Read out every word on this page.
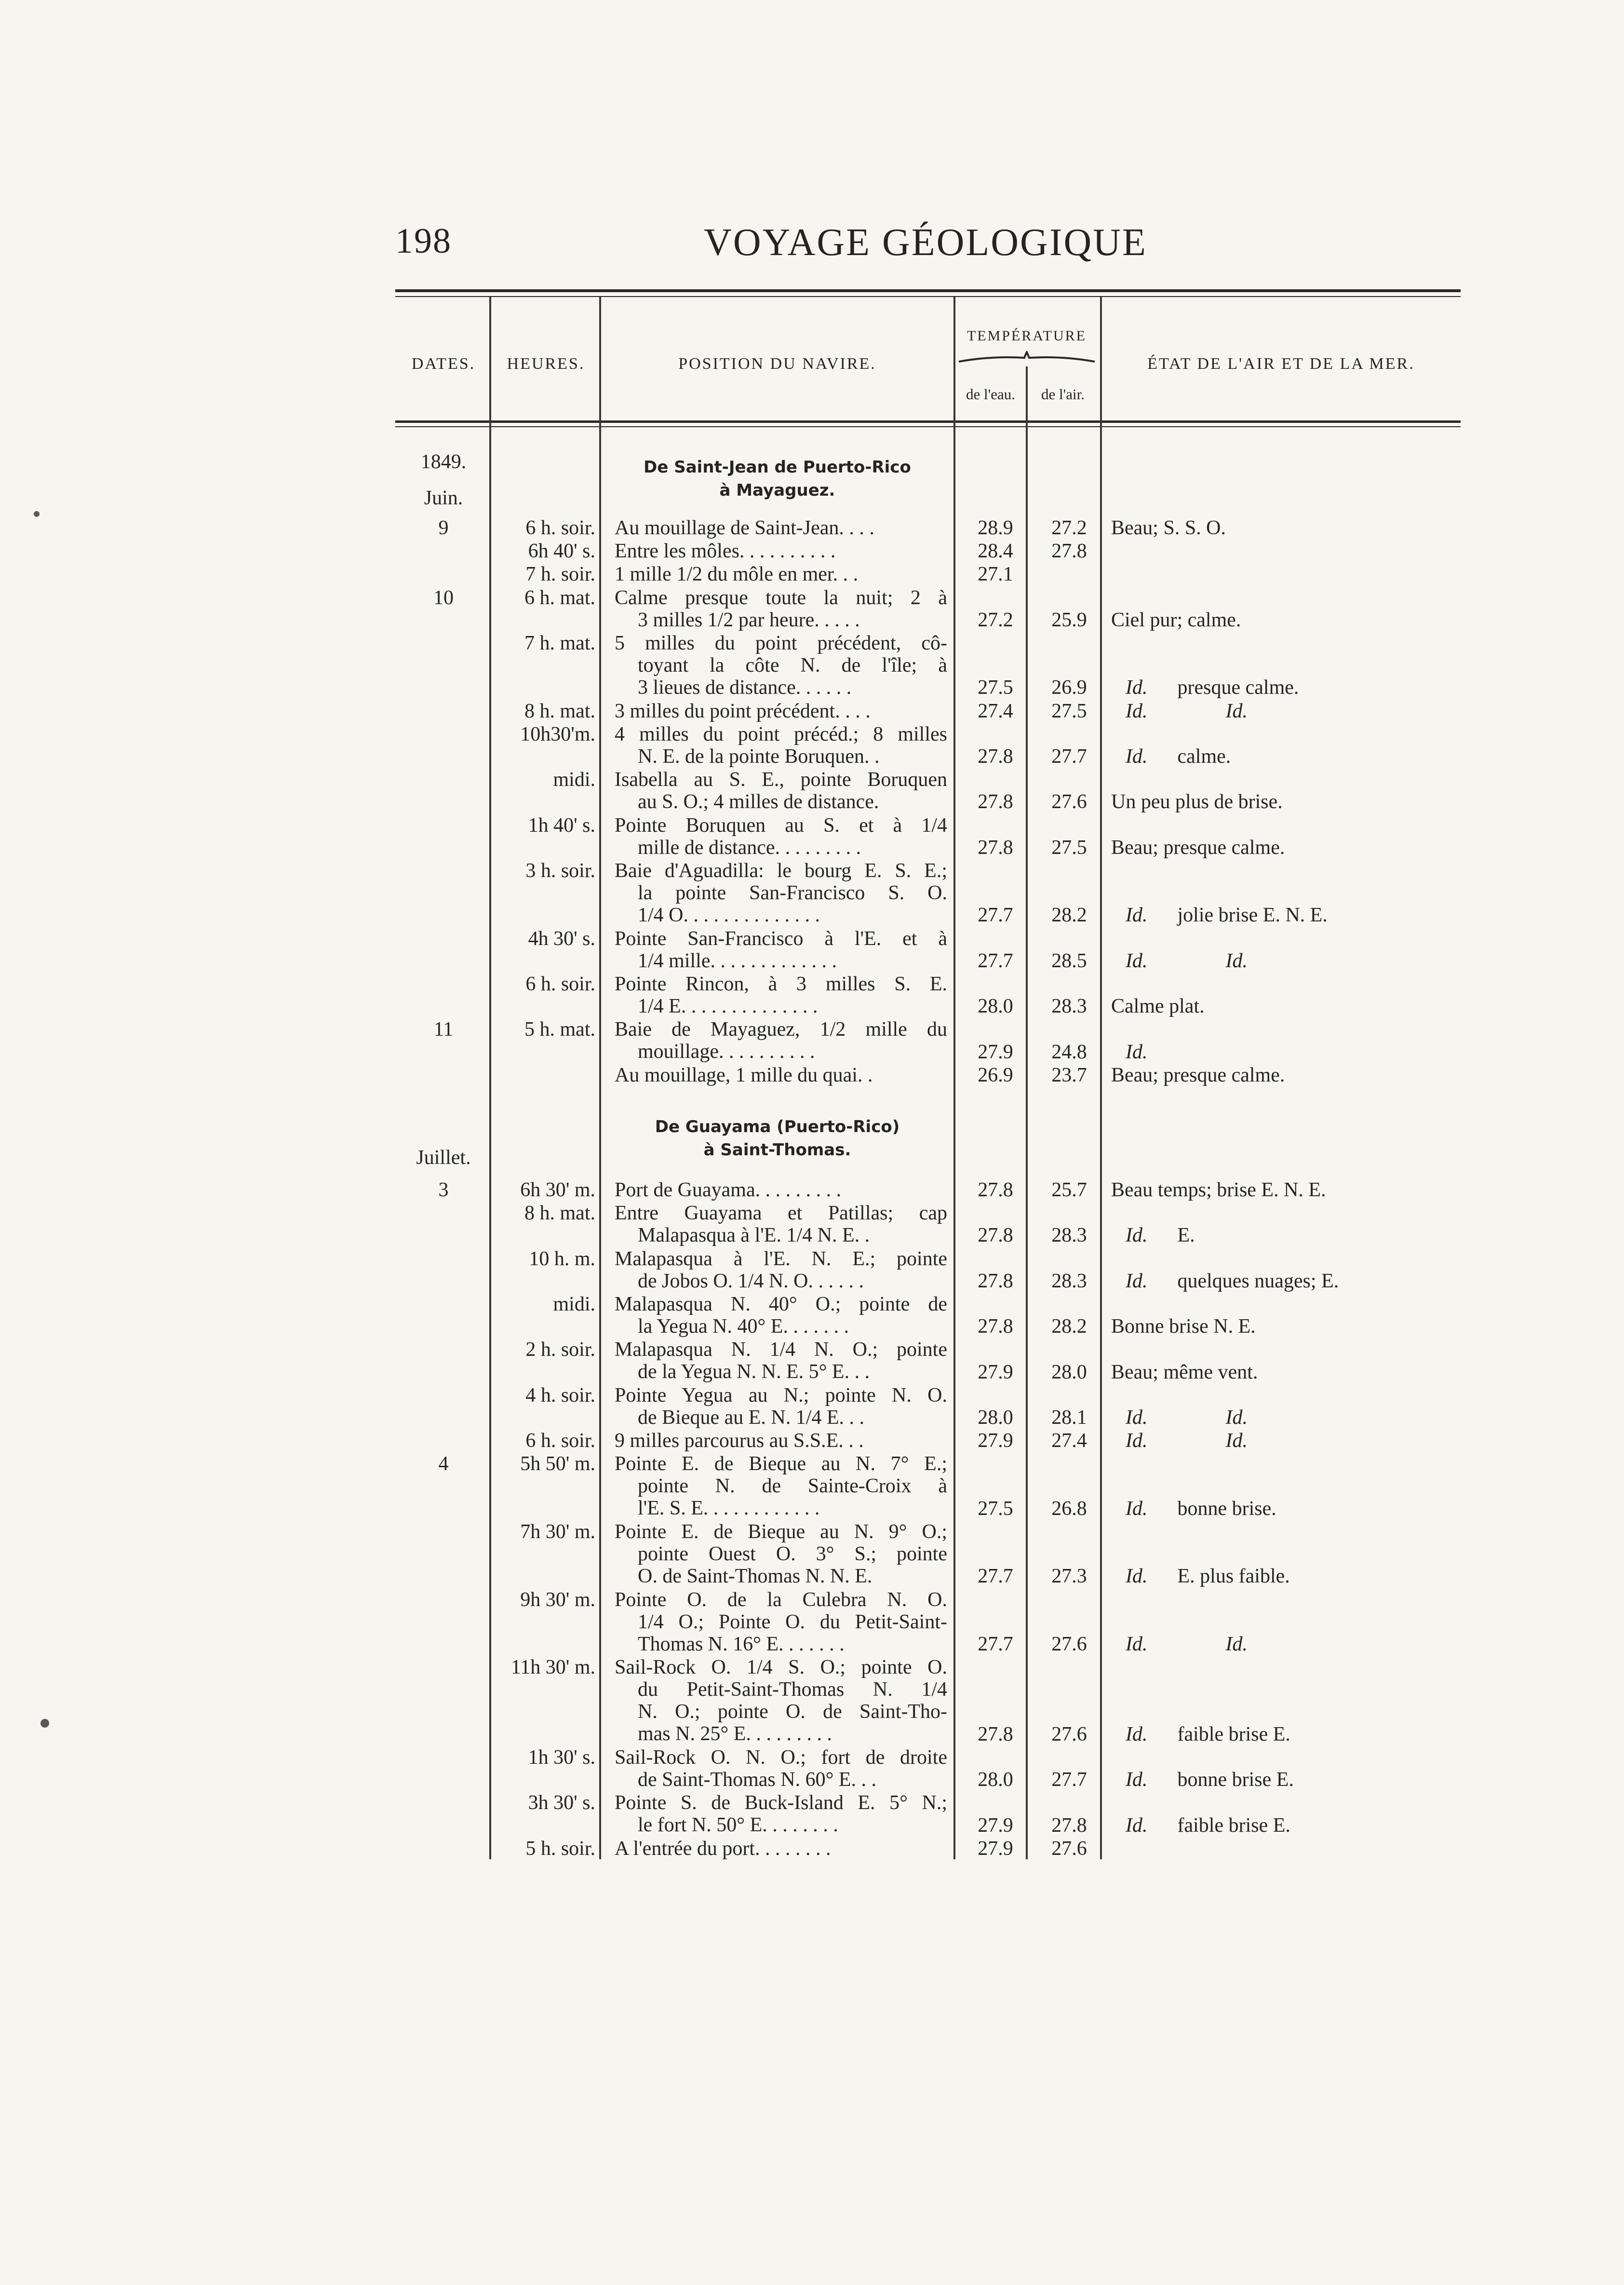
198	VOYAGE GÉOLOGIQUE
DATES.	HEURES.	POSITION DU NAVIRE.
TEMPÉRATURE
de l'eau.	de l'air.
ÉTAT DE L'AIR ET DE LA MER.
De Saint-Jean de Puerto-Rico
à Mayaguez.
1849.
Juin.
9	6 h. soir. Au mouillage de Saint-Jean. . . .	28.9	27.2	Beau; S. S. O.
6h 40' s. Entre les môles. . . . . . . . . .	28.4	27.8
7 h. soir. 1 mille 1/2 du môle en mer. . .	27.1
10	6 h. mat. Calme presque toute la nuit; 2 à
3 milles 1/2 par heure. . . . .	27.2	25.9	Ciel pur; calme.
7 h. mat. 5 milles du point précédent, cô-
toyant la côte N. de l'île; à
3 lieues de distance. . . . . .	27.5	26.9	Id.  presque calme.
8 h. mat. 3 milles du point précédent. . . .	27.4	27.5	Id. 	Id.
10h30'm. 4 milles du point précéd.; 8 milles
N. E. de la pointe Boruquen. .	27.8	27.7	Id.  calme.
midi. Isabella au S. E., pointe Boruquen
au S. O.; 4 milles de distance.	27.8	27.6	Un peu plus de brise.
1h 40' s. Pointe Boruquen au S. et à 1/4
mille de distance. . . . . . . . .	27.8	27.5	Beau; presque calme.
3 h. soir. Baie d'Aguadilla: le bourg E. S. E.;
la pointe San-Francisco S. O.
1/4 O. . . . . . . . . . . . . .	27.7	28.2	Id.  jolie brise E. N. E.
4h 30' s. Pointe San-Francisco à l'E. et à
1/4 mille. . . . . . . . . . . . .	27.7	28.5	Id. 	Id.
6 h. soir. Pointe Rincon, à 3 milles S. E.
1/4 E. . . . . . . . . . . . . .	28.0	28.3	Calme plat.
11	5 h. mat. Baie de Mayaguez, 1/2 mille du
mouillage. . . . . . . . . .	27.9	24.8	Id. 
Au mouillage, 1 mille du quai. .	26.9	23.7	Beau; presque calme.
De Guayama (Puerto-Rico)
à Saint-Thomas.
Juillet.
3	6h 30' m. Port de Guayama. . . . . . . . .	27.8	25.7	Beau temps; brise E. N. E.
8 h. mat. Entre Guayama et Patillas; cap
Malapasqua à l'E. 1/4 N. E. .	27.8	28.3	Id.  E.
10 h. m. Malapasqua à l'E. N. E.; pointe
de Jobos O. 1/4 N. O. . . . . .	27.8	28.3	Id.  quelques nuages; E.
midi. Malapasqua N. 40° O.; pointe de
la Yegua N. 40° E. . . . . . .	27.8	28.2	Bonne brise N. E.
2 h. soir. Malapasqua N. 1/4 N. O.; pointe
de la Yegua N. N. E. 5° E. . .	27.9	28.0	Beau; même vent.
4 h. soir. Pointe Yegua au N.; pointe N. O.
de Bieque au E. N. 1/4 E. . .	28.0	28.1	Id. 	Id.
6 h. soir. 9 milles parcourus au S.S.E. . .	27.9	27.4	Id. 	Id.
4	5h 50' m. Pointe E. de Bieque au N. 7° E.;
pointe N. de Sainte-Croix à
l'E. S. E. . . . . . . . . . . .	27.5	26.8	Id.  bonne brise.
7h 30' m. Pointe E. de Bieque au N. 9° O.;
pointe Ouest O. 3° S.; pointe
O. de Saint-Thomas N. N. E.	27.7	27.3	Id.  E. plus faible.
9h 30' m. Pointe O. de la Culebra N. O.
1/4 O.; Pointe O. du Petit-Saint-
Thomas N. 16° E. . . . . . .	27.7	27.6	Id. 	Id.
11h 30' m. Sail-Rock O. 1/4 S. O.; pointe O.
du Petit-Saint-Thomas N. 1/4
N. O.; pointe O. de Saint-Tho-
mas N. 25° E. . . . . . . . .	27.8	27.6	Id.  faible brise E.
1h 30' s. Sail-Rock O. N. O.; fort de droite
de Saint-Thomas N. 60° E. . .	28.0	27.7	Id.  bonne brise E.
3h 30' s. Pointe S. de Buck-Island E. 5° N.;
le fort N. 50° E. . . . . . . .	27.9	27.8	Id.  faible brise E.
5 h. soir. A l'entrée du port. . . . . . . .	27.9	27.6
